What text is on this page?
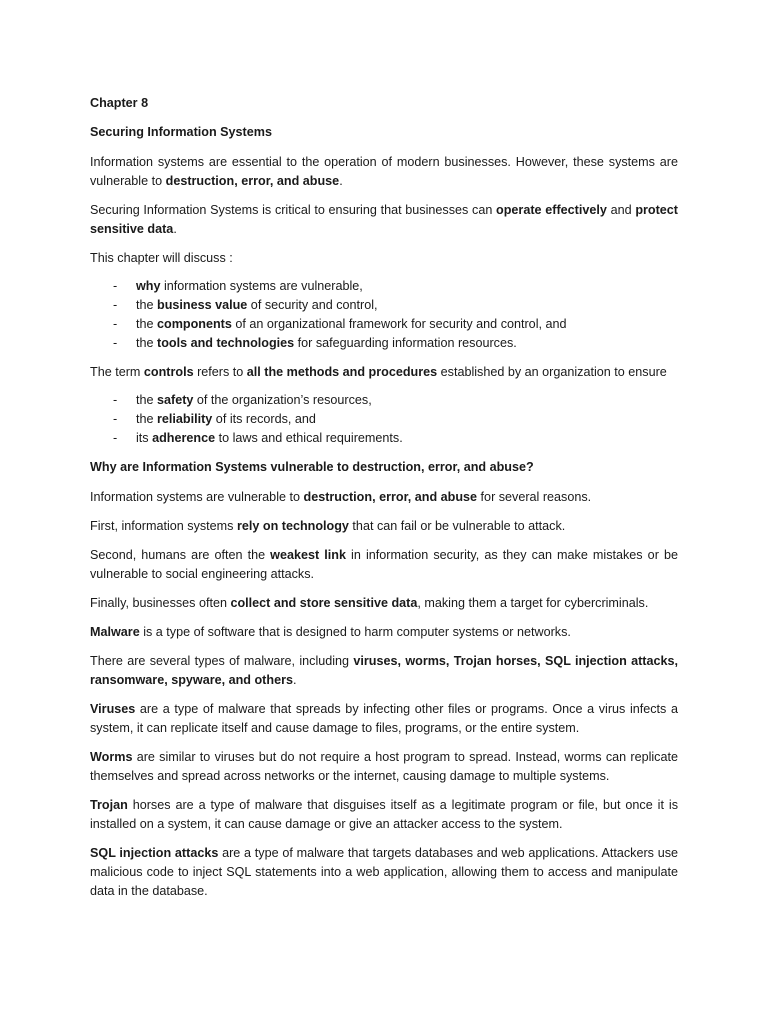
Chapter 8

Securing Information Systems

Information systems are essential to the operation of modern businesses. However, these systems are vulnerable to destruction, error, and abuse.

Securing Information Systems is critical to ensuring that businesses can operate effectively and protect sensitive data.

This chapter will discuss :

- why information systems are vulnerable,
- the business value of security and control,
- the components of an organizational framework for security and control, and
- the tools and technologies for safeguarding information resources.

The term controls refers to all the methods and procedures established by an organization to ensure

- the safety of the organization’s resources,
- the reliability of its records, and
- its adherence to laws and ethical requirements.

Why are Information Systems vulnerable to destruction, error, and abuse?

Information systems are vulnerable to destruction, error, and abuse for several reasons.

First, information systems rely on technology that can fail or be vulnerable to attack.

Second, humans are often the weakest link in information security, as they can make mistakes or be vulnerable to social engineering attacks.

Finally, businesses often collect and store sensitive data, making them a target for cybercriminals.

Malware is a type of software that is designed to harm computer systems or networks.

There are several types of malware, including viruses, worms, Trojan horses, SQL injection attacks, ransomware, spyware, and others.

Viruses are a type of malware that spreads by infecting other files or programs. Once a virus infects a system, it can replicate itself and cause damage to files, programs, or the entire system.

Worms are similar to viruses but do not require a host program to spread. Instead, worms can replicate themselves and spread across networks or the internet, causing damage to multiple systems.

Trojan horses are a type of malware that disguises itself as a legitimate program or file, but once it is installed on a system, it can cause damage or give an attacker access to the system.

SQL injection attacks are a type of malware that targets databases and web applications. Attackers use malicious code to inject SQL statements into a web application, allowing them to access and manipulate data in the database.
